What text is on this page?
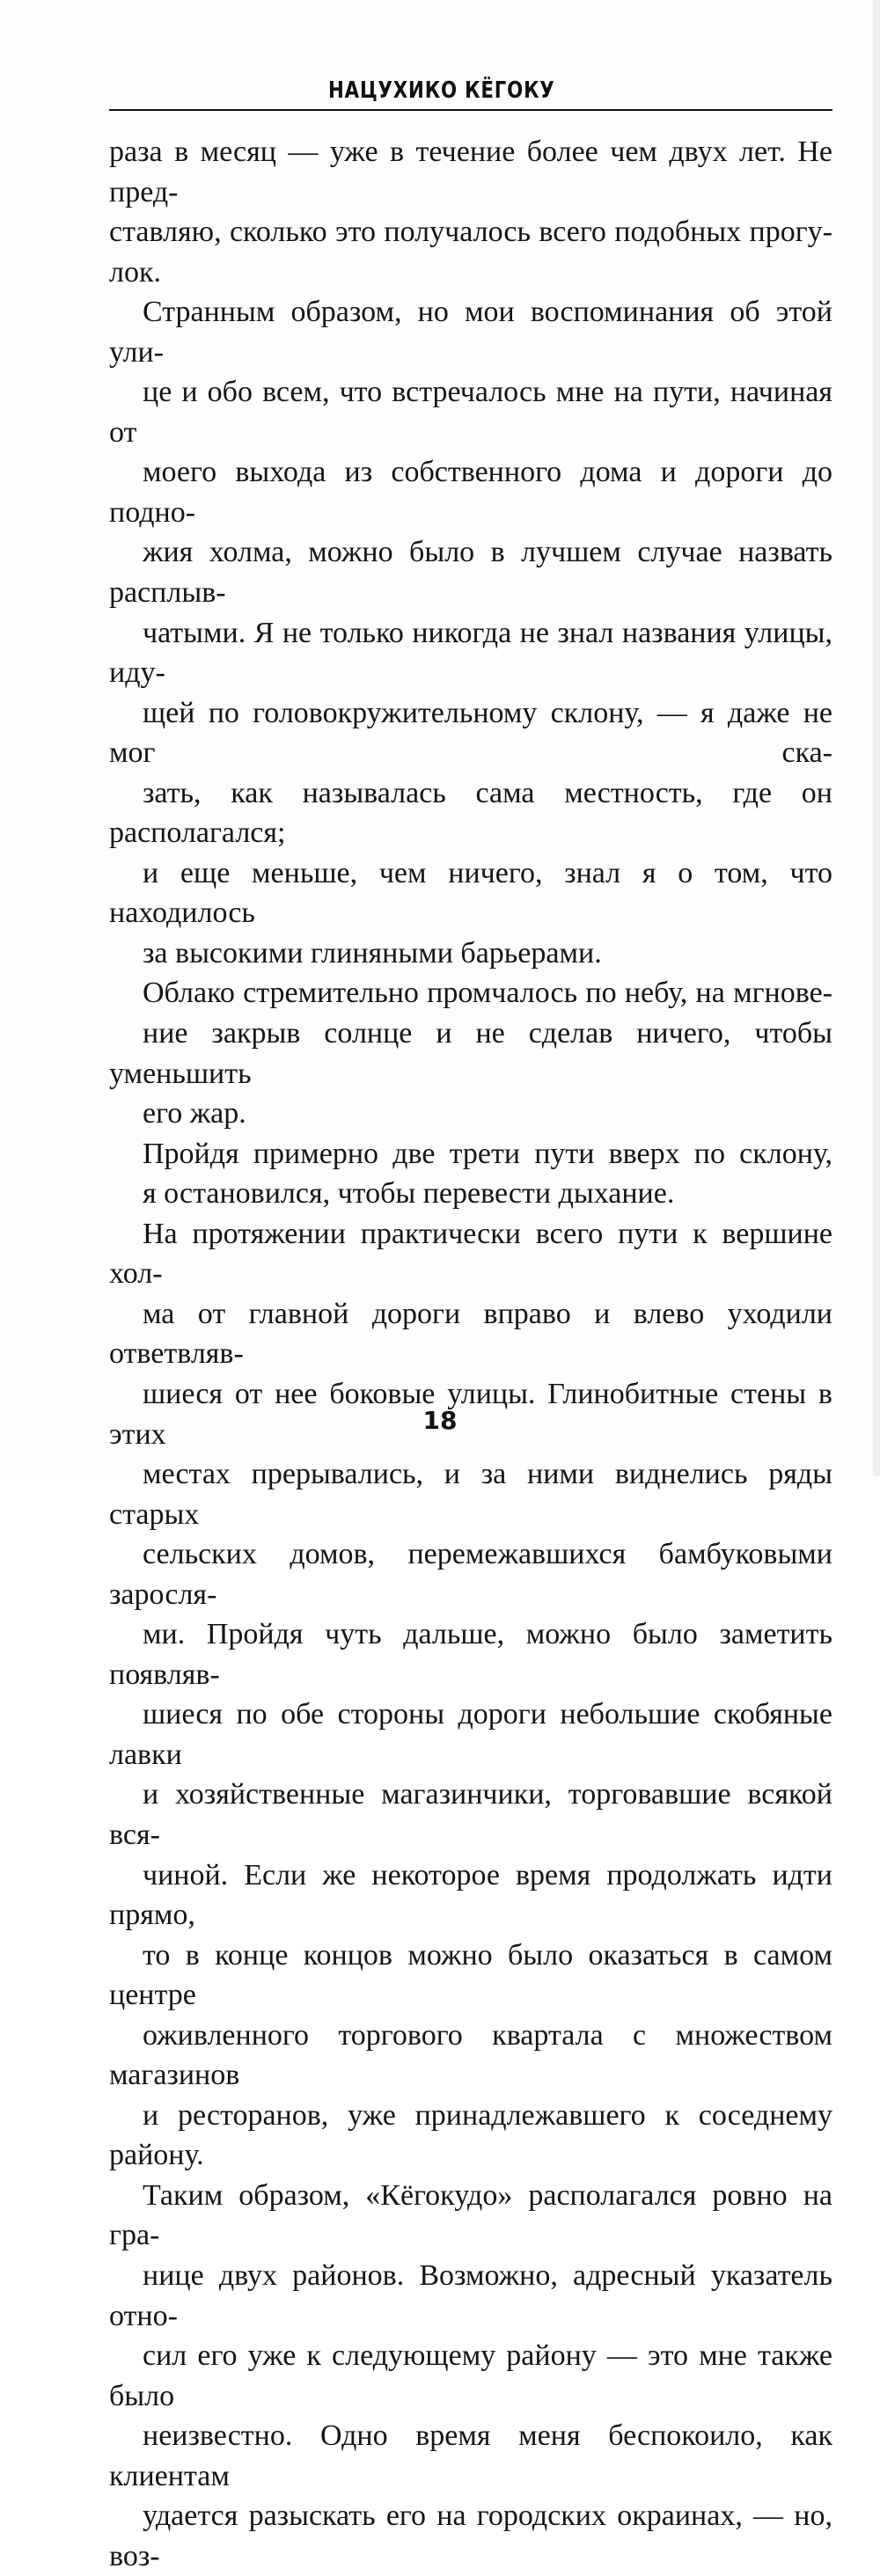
НАЦУХИКО КЁГОКУ

раза в месяц — уже в течение более чем двух лет. Не пред-
ставляю, сколько это получалось всего подобных прогу-
лок.

Странным образом, но мои воспоминания об этой ули-
це и обо всем, что встречалось мне на пути, начиная от
моего выхода из собственного дома и дороги до подно-
жия холма, можно было в лучшем случае назвать расплыв-
чатыми. Я не только никогда не знал названия улицы, иду-
щей по головокружительному склону, — я даже не мог ска-
зать, как называлась сама местность, где он располагался;
и еще меньше, чем ничего, знал я о том, что находилось
за высокими глиняными барьерами.

Облако стремительно промчалось по небу, на мгнове-
ние закрыв солнце и не сделав ничего, чтобы уменьшить
его жар.

Пройдя примерно две трети пути вверх по склону,
я остановился, чтобы перевести дыхание.

На протяжении практически всего пути к вершине хол-
ма от главной дороги вправо и влево уходили ответвляв-
шиеся от нее боковые улицы. Глинобитные стены в этих
местах прерывались, и за ними виднелись ряды старых
сельских домов, перемежавшихся бамбуковыми заросля-
ми. Пройдя чуть дальше, можно было заметить появляв-
шиеся по обе стороны дороги небольшие скобяные лавки
и хозяйственные магазинчики, торговавшие всякой вся-
чиной. Если же некоторое время продолжать идти прямо,
то в конце концов можно было оказаться в самом центре
оживленного торгового квартала с множеством магазинов
и ресторанов, уже принадлежавшего к соседнему району.

Таким образом, «Кёгокудо» располагался ровно на гра-
нице двух районов. Возможно, адресный указатель отно-
сил его уже к следующему району — это мне также было
неизвестно. Одно время меня беспокоило, как клиентам
удается разыскать его на городских окраинах, — но, воз-

18
